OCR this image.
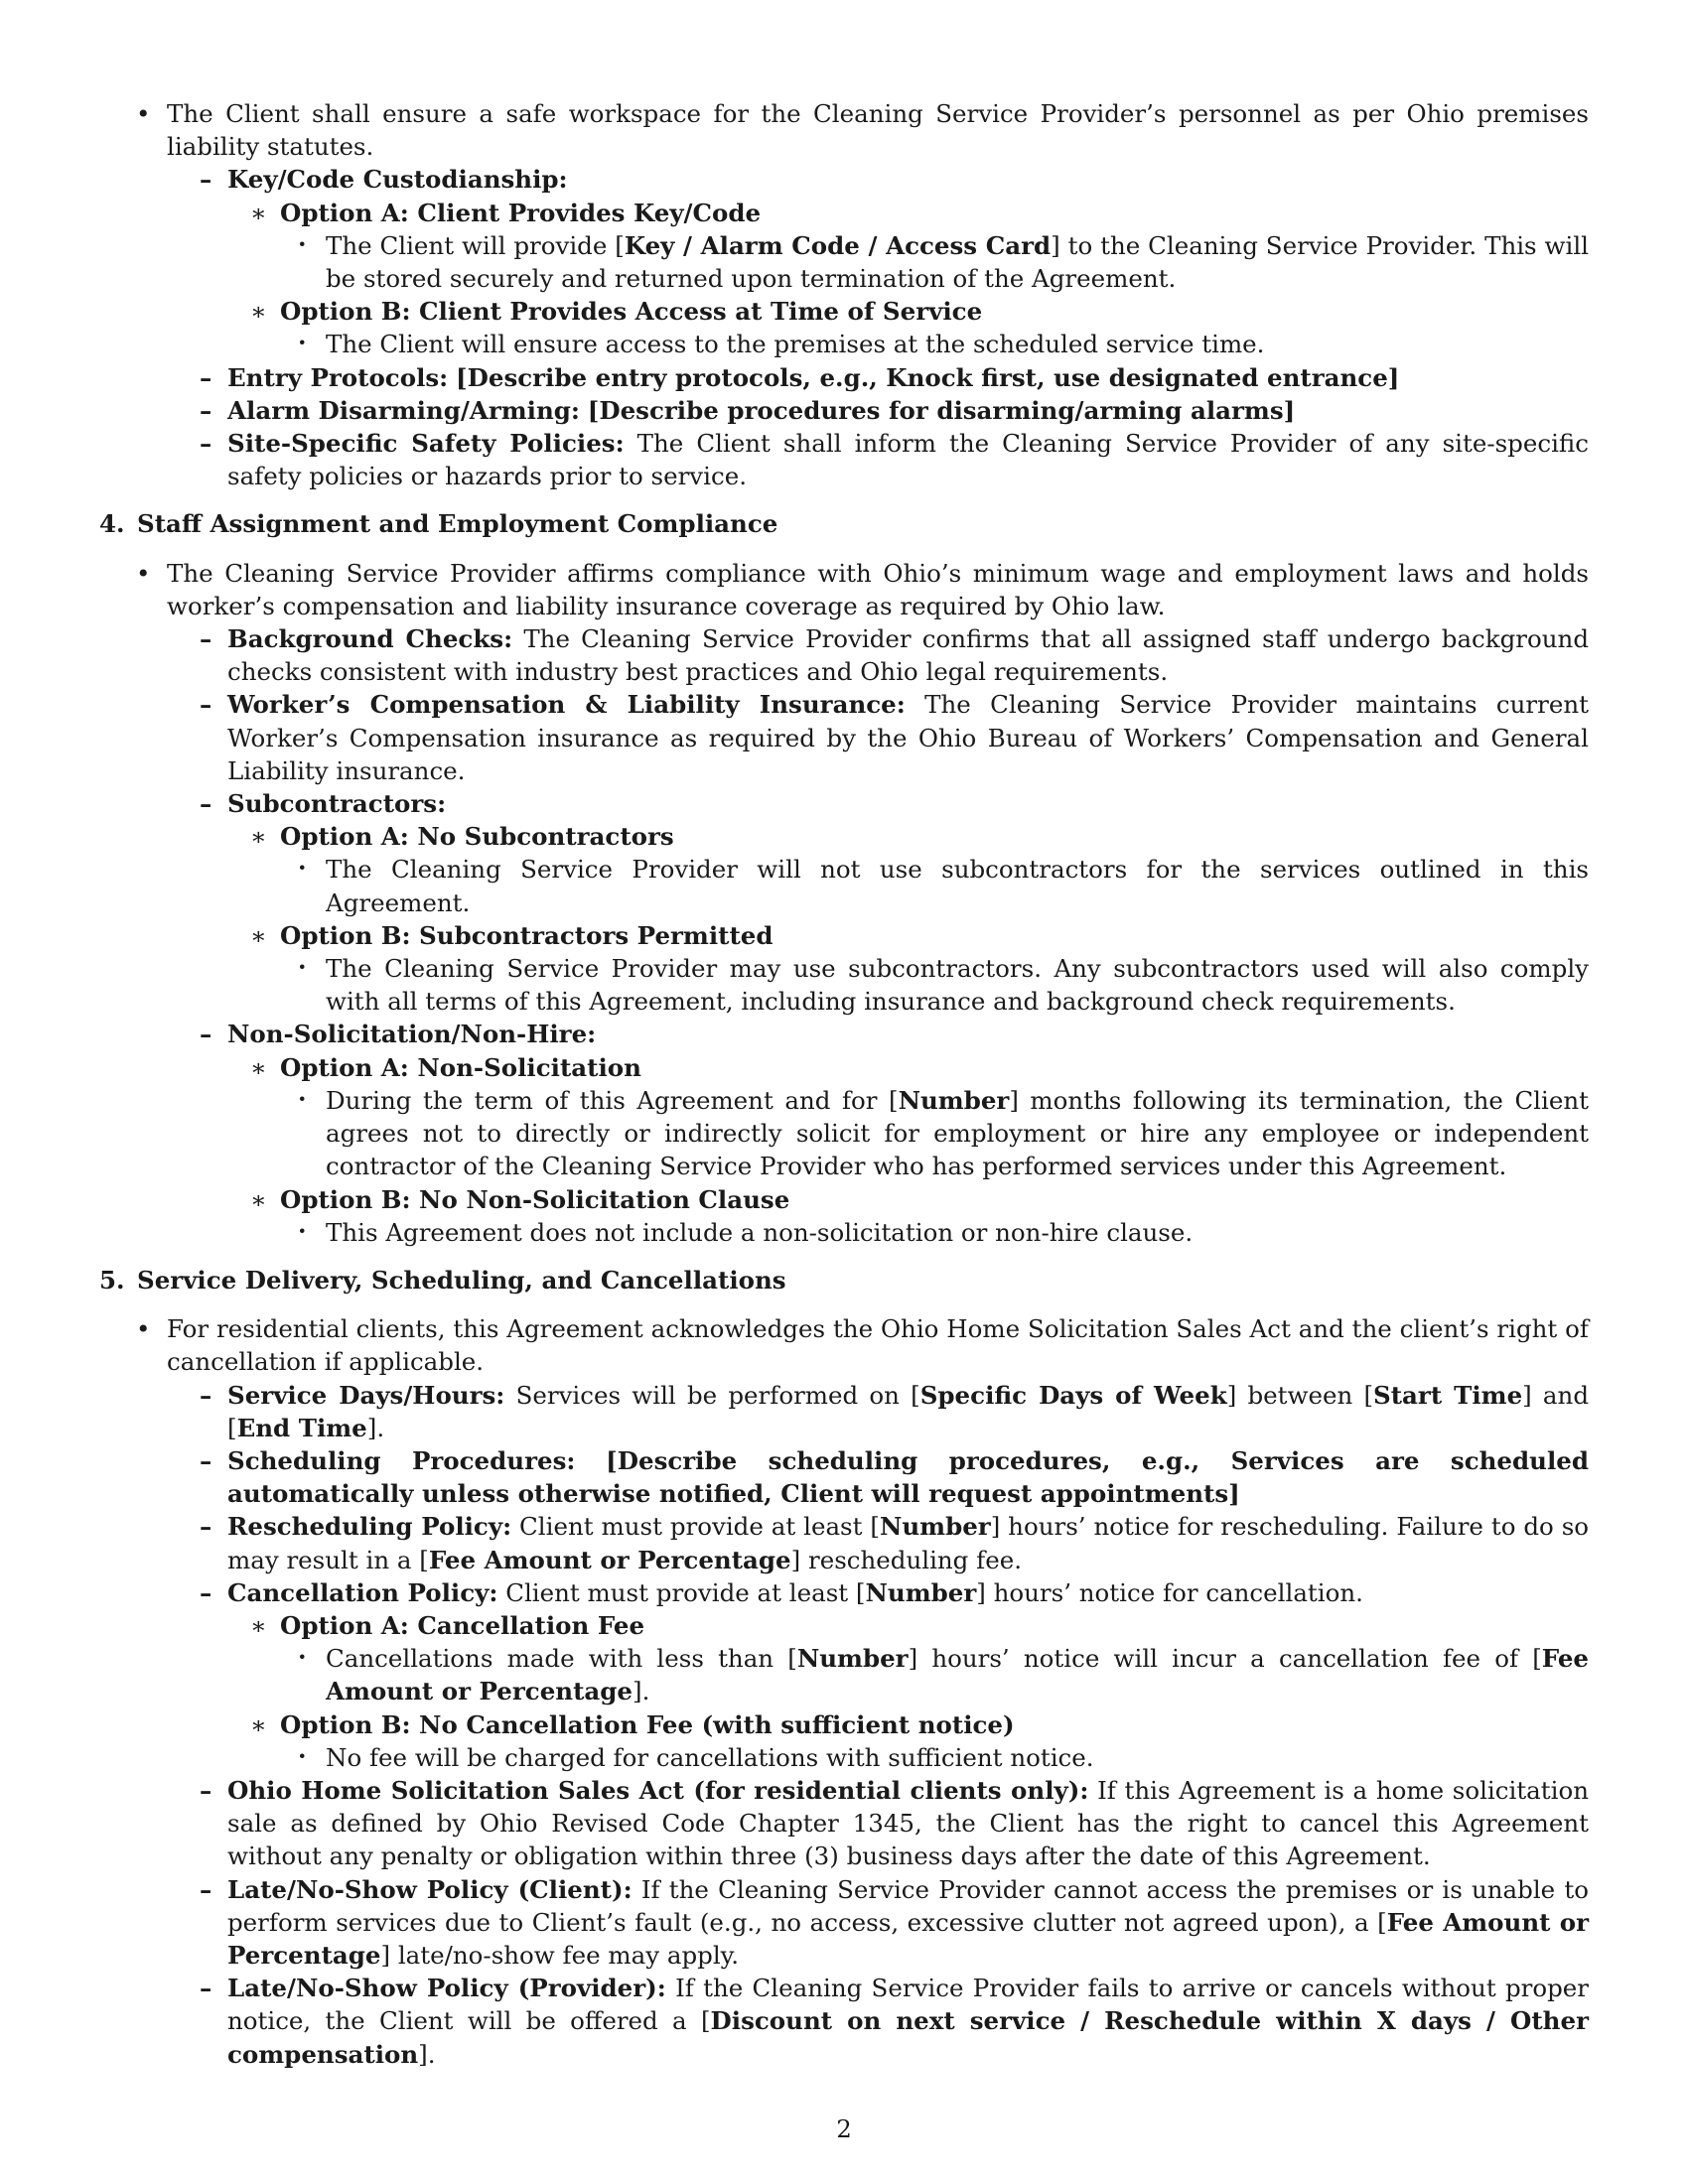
• The Client shall ensure a safe workspace for the Cleaning Service Provider’s personnel as per Ohio premises liability statutes.
– Key/Code Custodianship:
∗ Option A: Client Provides Key/Code
· The Client will provide [Key / Alarm Code / Access Card] to the Cleaning Service Provider. This will be stored securely and returned upon termination of the Agreement.
∗ Option B: Client Provides Access at Time of Service
· The Client will ensure access to the premises at the scheduled service time.
– Entry Protocols: [Describe entry protocols, e.g., Knock first, use designated entrance]
– Alarm Disarming/Arming: [Describe procedures for disarming/arming alarms]
– Site-Specific Safety Policies: The Client shall inform the Cleaning Service Provider of any site-specific safety policies or hazards prior to service.
4. Staff Assignment and Employment Compliance
• The Cleaning Service Provider affirms compliance with Ohio’s minimum wage and employment laws and holds worker’s compensation and liability insurance coverage as required by Ohio law.
– Background Checks: The Cleaning Service Provider confirms that all assigned staff undergo background checks consistent with industry best practices and Ohio legal requirements.
– Worker’s Compensation & Liability Insurance: The Cleaning Service Provider maintains current Worker’s Compensation insurance as required by the Ohio Bureau of Workers’ Compensation and General Liability insurance.
– Subcontractors:
∗ Option A: No Subcontractors
· The Cleaning Service Provider will not use subcontractors for the services outlined in this Agreement.
∗ Option B: Subcontractors Permitted
· The Cleaning Service Provider may use subcontractors. Any subcontractors used will also comply with all terms of this Agreement, including insurance and background check requirements.
– Non-Solicitation/Non-Hire:
∗ Option A: Non-Solicitation
· During the term of this Agreement and for [Number] months following its termination, the Client agrees not to directly or indirectly solicit for employment or hire any employee or independent contractor of the Cleaning Service Provider who has performed services under this Agreement.
∗ Option B: No Non-Solicitation Clause
· This Agreement does not include a non-solicitation or non-hire clause.
5. Service Delivery, Scheduling, and Cancellations
• For residential clients, this Agreement acknowledges the Ohio Home Solicitation Sales Act and the client’s right of cancellation if applicable.
– Service Days/Hours: Services will be performed on [Specific Days of Week] between [Start Time] and [End Time].
– Scheduling Procedures: [Describe scheduling procedures, e.g., Services are scheduled automatically unless otherwise notified, Client will request appointments]
– Rescheduling Policy: Client must provide at least [Number] hours’ notice for rescheduling. Failure to do so may result in a [Fee Amount or Percentage] rescheduling fee.
– Cancellation Policy: Client must provide at least [Number] hours’ notice for cancellation.
∗ Option A: Cancellation Fee
· Cancellations made with less than [Number] hours’ notice will incur a cancellation fee of [Fee Amount or Percentage].
∗ Option B: No Cancellation Fee (with sufficient notice)
· No fee will be charged for cancellations with sufficient notice.
– Ohio Home Solicitation Sales Act (for residential clients only): If this Agreement is a home solicitation sale as defined by Ohio Revised Code Chapter 1345, the Client has the right to cancel this Agreement without any penalty or obligation within three (3) business days after the date of this Agreement.
– Late/No-Show Policy (Client): If the Cleaning Service Provider cannot access the premises or is unable to perform services due to Client’s fault (e.g., no access, excessive clutter not agreed upon), a [Fee Amount or Percentage] late/no-show fee may apply.
– Late/No-Show Policy (Provider): If the Cleaning Service Provider fails to arrive or cancels without proper notice, the Client will be offered a [Discount on next service / Reschedule within X days / Other compensation].
2
